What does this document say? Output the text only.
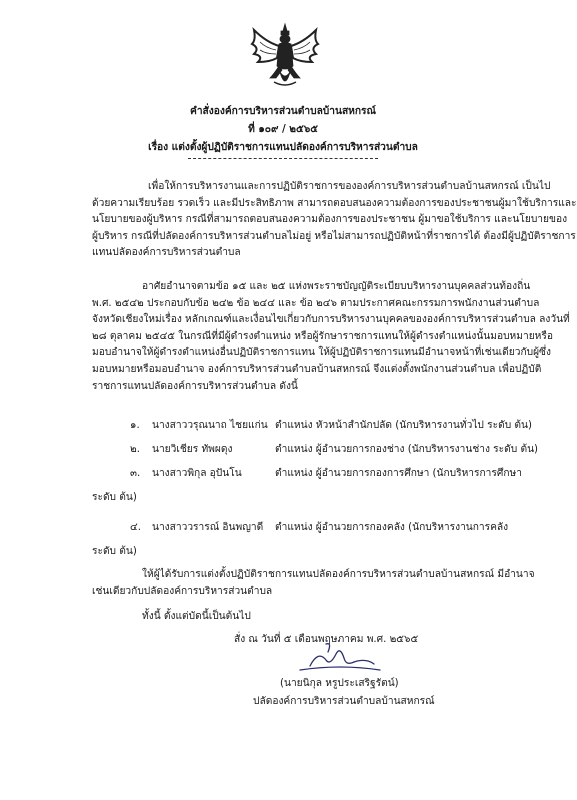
คำสั่งองค์การบริหารส่วนตำบลบ้านสหกรณ์
ที่ ๑๐๙ / ๒๕๖๕
เรื่อง แต่งตั้งผู้ปฏิบัติราชการแทนปลัดองค์การบริหารส่วนตำบล
เพื่อให้การบริหารงานและการปฏิบัติราชการขององค์การบริหารส่วนตำบลบ้านสหกรณ์ เป็นไป
ด้วยความเรียบร้อย รวดเร็ว และมีประสิทธิภาพ สามารถตอบสนองความต้องการของประชาชนผู้มาใช้บริการและ
นโยบายของผู้บริหาร กรณีที่สามารถตอบสนองความต้องการของประชาชน ผู้มาขอใช้บริการ และนโยบายของ
ผู้บริหาร กรณีที่ปลัดองค์การบริหารส่วนตำบลไม่อยู่ หรือไม่สามารถปฏิบัติหน้าที่ราชการได้ ต้องมีผู้ปฏิบัติราชการ
แทนปลัดองค์การบริหารส่วนตำบล
อาศัยอำนาจตามข้อ ๑๕ และ ๒๕ แห่งพระราชบัญญัติระเบียบบริหารงานบุคคลส่วนท้องถิ่น
พ.ศ. ๒๕๔๒ ประกอบกับข้อ ๒๔๒ ข้อ ๒๔๔ และ ข้อ ๒๔๖ ตามประกาศคณะกรรมการพนักงานส่วนตำบล
จังหวัดเชียงใหม่เรื่อง หลักเกณฑ์และเงื่อนไขเกี่ยวกับการบริหารงานบุคคลขององค์การบริหารส่วนตำบล ลงวันที่
๒๘ ตุลาคม ๒๕๔๕ ในกรณีที่มีผู้ดำรงตำแหน่ง หรือผู้รักษาราชการแทนให้ผู้ดำรงตำแหน่งนั้นมอบหมายหรือ
มอบอำนาจให้ผู้ดำรงตำแหน่งอื่นปฏิบัติราชการแทน ให้ผู้ปฏิบัติราชการแทนมีอำนาจหน้าที่เช่นเดียวกับผู้ซึ่ง
มอบหมายหรือมอบอำนาจ องค์การบริหารส่วนตำบลบ้านสหกรณ์ จึงแต่งตั้งพนักงานส่วนตำบล เพื่อปฏิบัติ
ราชการแทนปลัดองค์การบริหารส่วนตำบล ดังนี้
๑. นางสาววรุณนาถ ไชยแก่น ตำแหน่ง หัวหน้าสำนักปลัด (นักบริหารงานทั่วไป ระดับ ต้น)
๒. นายวิเชียร ทัพผดุง	ตำแหน่ง ผู้อำนวยการกองช่าง (นักบริหารงานช่าง ระดับ ต้น)
๓. นางสาวพิกุล อุปันโน	ตำแหน่ง ผู้อำนวยการกองการศึกษา (นักบริหารการศึกษา
ระดับ ต้น)
๔. นางสาววรารณ์ อินพญาดี ตำแหน่ง ผู้อำนวยการกองคลัง (นักบริหารงานการคลัง
ระดับ ต้น)
ให้ผู้ได้รับการแต่งตั้งปฏิบัติราชการแทนปลัดองค์การบริหารส่วนตำบลบ้านสหกรณ์ มีอำนาจ
เช่นเดียวกับปลัดองค์การบริหารส่วนตำบล
ทั้งนี้ ตั้งแต่บัดนี้เป็นต้นไป
สั่ง ณ วันที่ ๕ เดือนพฤษภาคม พ.ศ. ๒๕๖๕
(นายนิกุล หรูประเสริฐรัตน์)
ปลัดองค์การบริหารส่วนตำบลบ้านสหกรณ์
